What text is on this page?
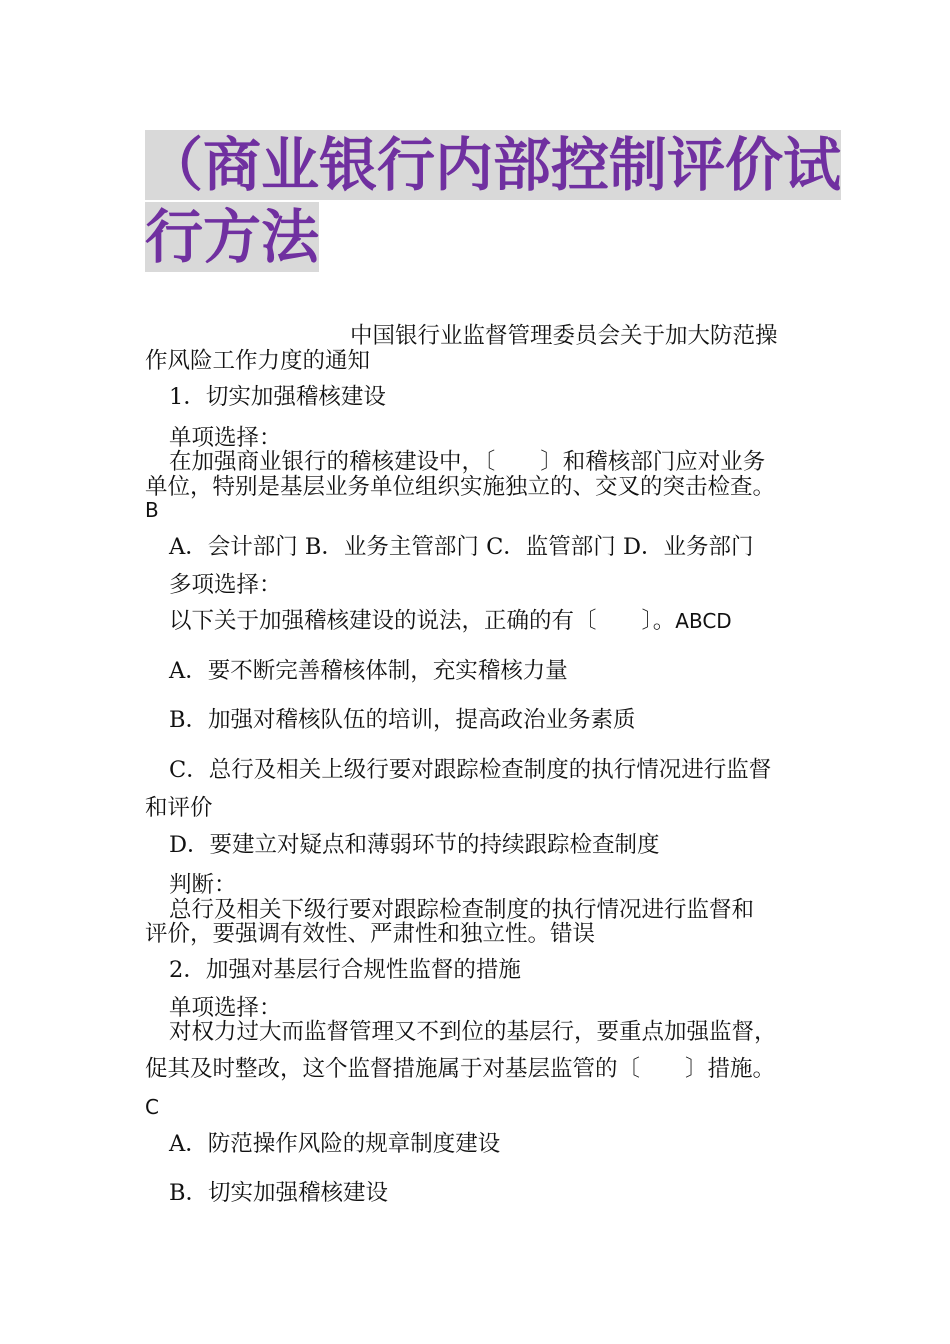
（商业银行内部控制评价试
行方法
中国银行业监督管理委员会关于加大防范操
作风险工作力度的通知
1．切实加强稽核建设
单项选择：
在加强商业银行的稽核建设中，〔　　〕和稽核部门应对业务
单位，特别是基层业务单位组织实施独立的、交叉的突击检查。
B
A．会计部门 B．业务主管部门 C．监管部门 D．业务部门
多项选择：
以下关于加强稽核建设的说法，正确的有〔　　〕。ABCD
A．要不断完善稽核体制，充实稽核力量
B．加强对稽核队伍的培训，提高政治业务素质
C．总行及相关上级行要对跟踪检查制度的执行情况进行监督
和评价
D．要建立对疑点和薄弱环节的持续跟踪检查制度
判断：
总行及相关下级行要对跟踪检查制度的执行情况进行监督和
评价，要强调有效性、严肃性和独立性。错误
2．加强对基层行合规性监督的措施
单项选择：
对权力过大而监督管理又不到位的基层行，要重点加强监督，
促其及时整改，这个监督措施属于对基层监管的〔　　〕措施。
C
A．防范操作风险的规章制度建设
B．切实加强稽核建设
